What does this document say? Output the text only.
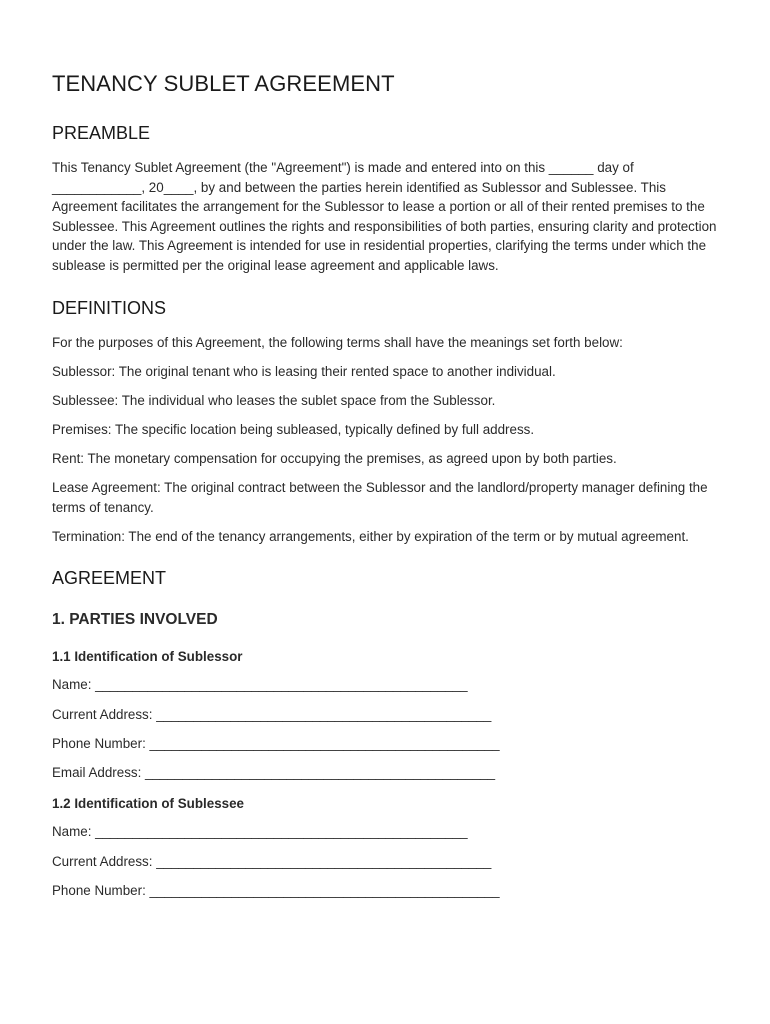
TENANCY SUBLET AGREEMENT
PREAMBLE

This Tenancy Sublet Agreement (the "Agreement") is made and entered into on this ______ day of ____________, 20____, by and between the parties herein identified as Sublessor and Sublessee. This Agreement facilitates the arrangement for the Sublessor to lease a portion or all of their rented premises to the Sublessee. This Agreement outlines the rights and responsibilities of both parties, ensuring clarity and protection under the law. This Agreement is intended for use in residential properties, clarifying the terms under which the sublease is permitted per the original lease agreement and applicable laws.

DEFINITIONS

For the purposes of this Agreement, the following terms shall have the meanings set forth below:

Sublessor: The original tenant who is leasing their rented space to another individual.

Sublessee: The individual who leases the sublet space from the Sublessor.

Premises: The specific location being subleased, typically defined by full address.

Rent: The monetary compensation for occupying the premises, as agreed upon by both parties.

Lease Agreement: The original contract between the Sublessor and the landlord/property manager defining the terms of tenancy.

Termination: The end of the tenancy arrangements, either by expiration of the term or by mutual agreement.

AGREEMENT
1. PARTIES INVOLVED
1.1 Identification of Sublessor
Name: __________________________________________________
Current Address: _____________________________________________
Phone Number: _______________________________________________
Email Address: _______________________________________________
1.2 Identification of Sublessee
Name: __________________________________________________
Current Address: _____________________________________________
Phone Number: _______________________________________________
